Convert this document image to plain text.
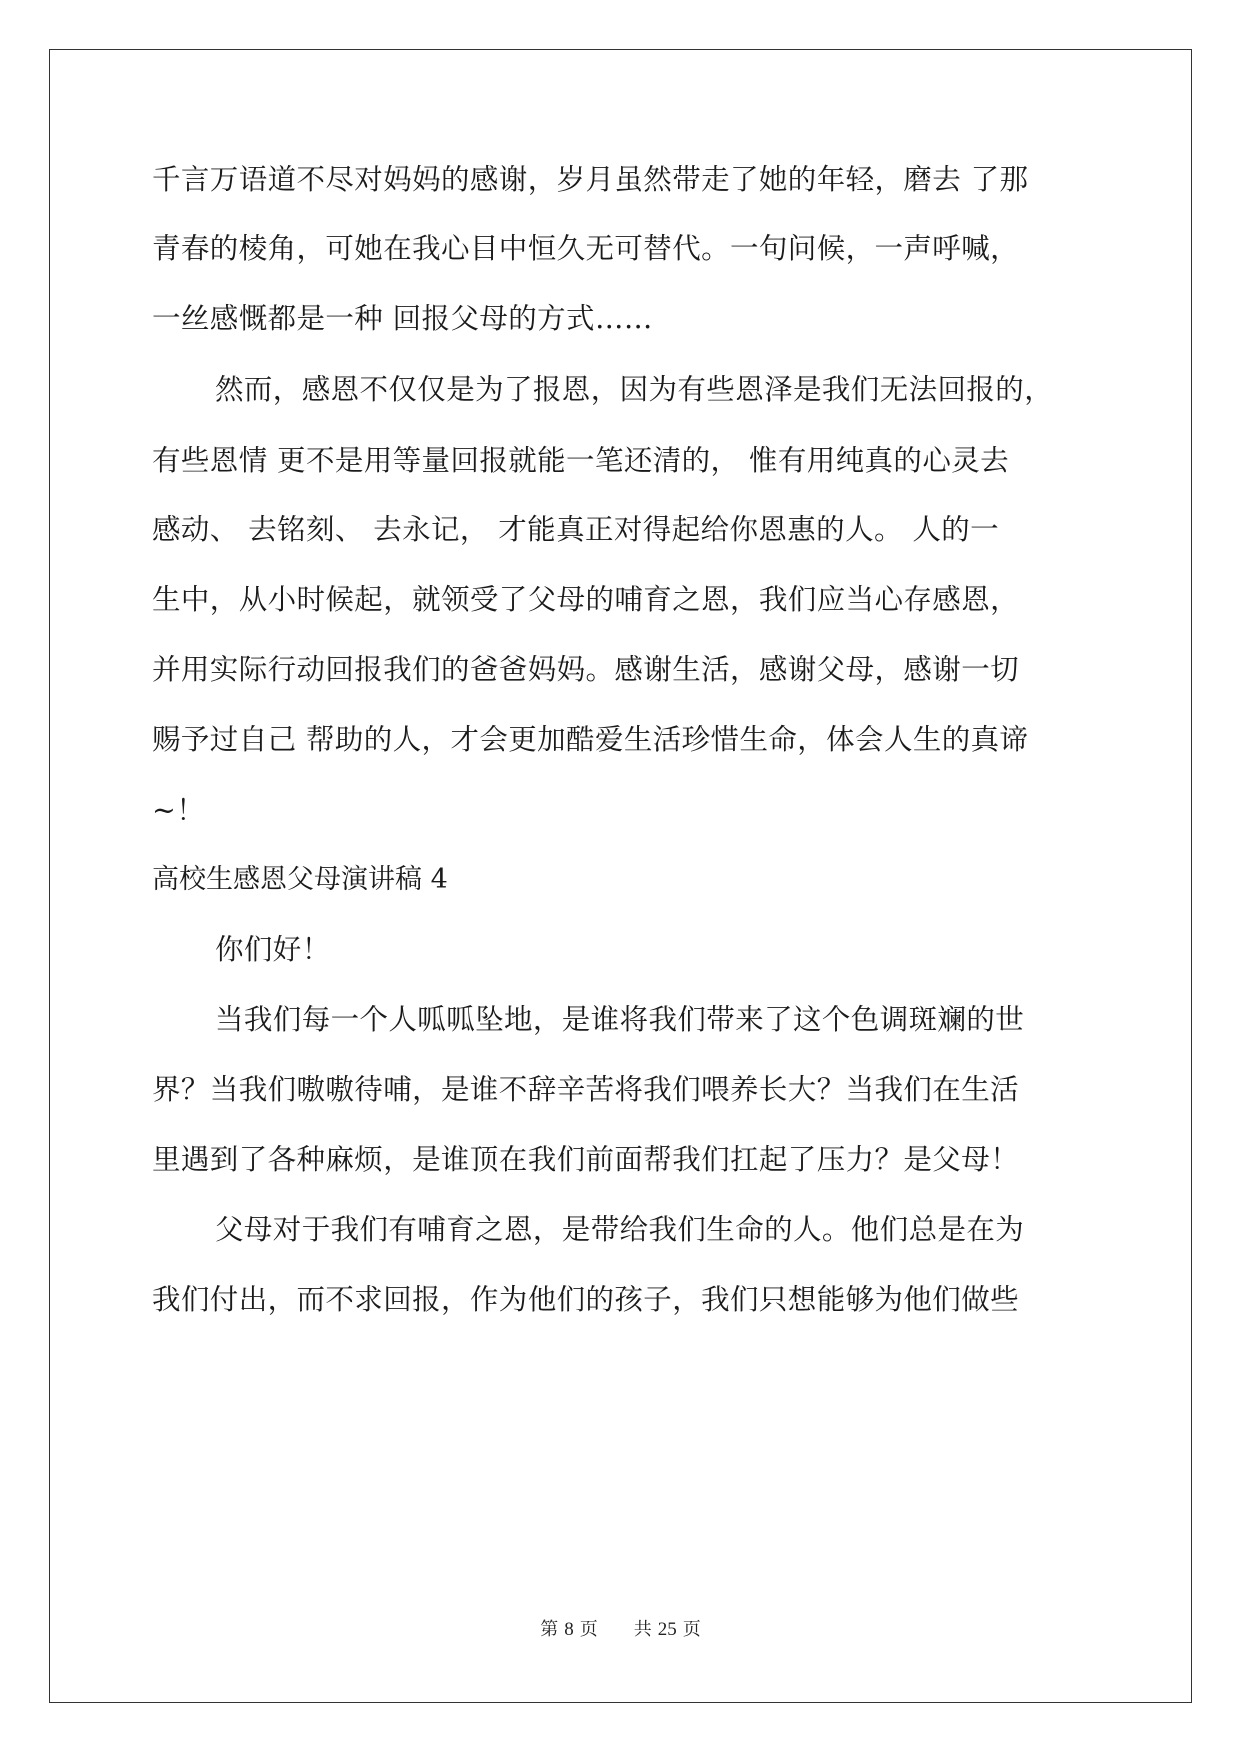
千言万语道不尽对妈妈的感谢，岁月虽然带走了她的年轻，磨去 了那
青春的棱角，可她在我心目中恒久无可替代。一句问候，一声呼喊，
一丝感慨都是一种 回报父母的方式……
然而，感恩不仅仅是为了报恩，因为有些恩泽是我们无法回报的，
有些恩情 更不是用等量回报就能一笔还清的， 惟有用纯真的心灵去
感动、 去铭刻、 去永记， 才能真正对得起给你恩惠的人。 人的一
生中，从小时候起，就领受了父母的哺育之恩，我们应当心存感恩，
并用实际行动回报我们的爸爸妈妈。感谢生活，感谢父母，感谢一切
赐予过自己 帮助的人，才会更加酷爱生活珍惜生命，体会人生的真谛
~！
高校生感恩父母演讲稿 4
你们好！
当我们每一个人呱呱坠地，是谁将我们带来了这个色调斑斓的世
界？当我们嗷嗷待哺，是谁不辞辛苦将我们喂养长大？当我们在生活
里遇到了各种麻烦，是谁顶在我们前面帮我们扛起了压力？是父母！
父母对于我们有哺育之恩，是带给我们生命的人。他们总是在为
我们付出，而不求回报，作为他们的孩子，我们只想能够为他们做些
第 8 页 共 25 页
